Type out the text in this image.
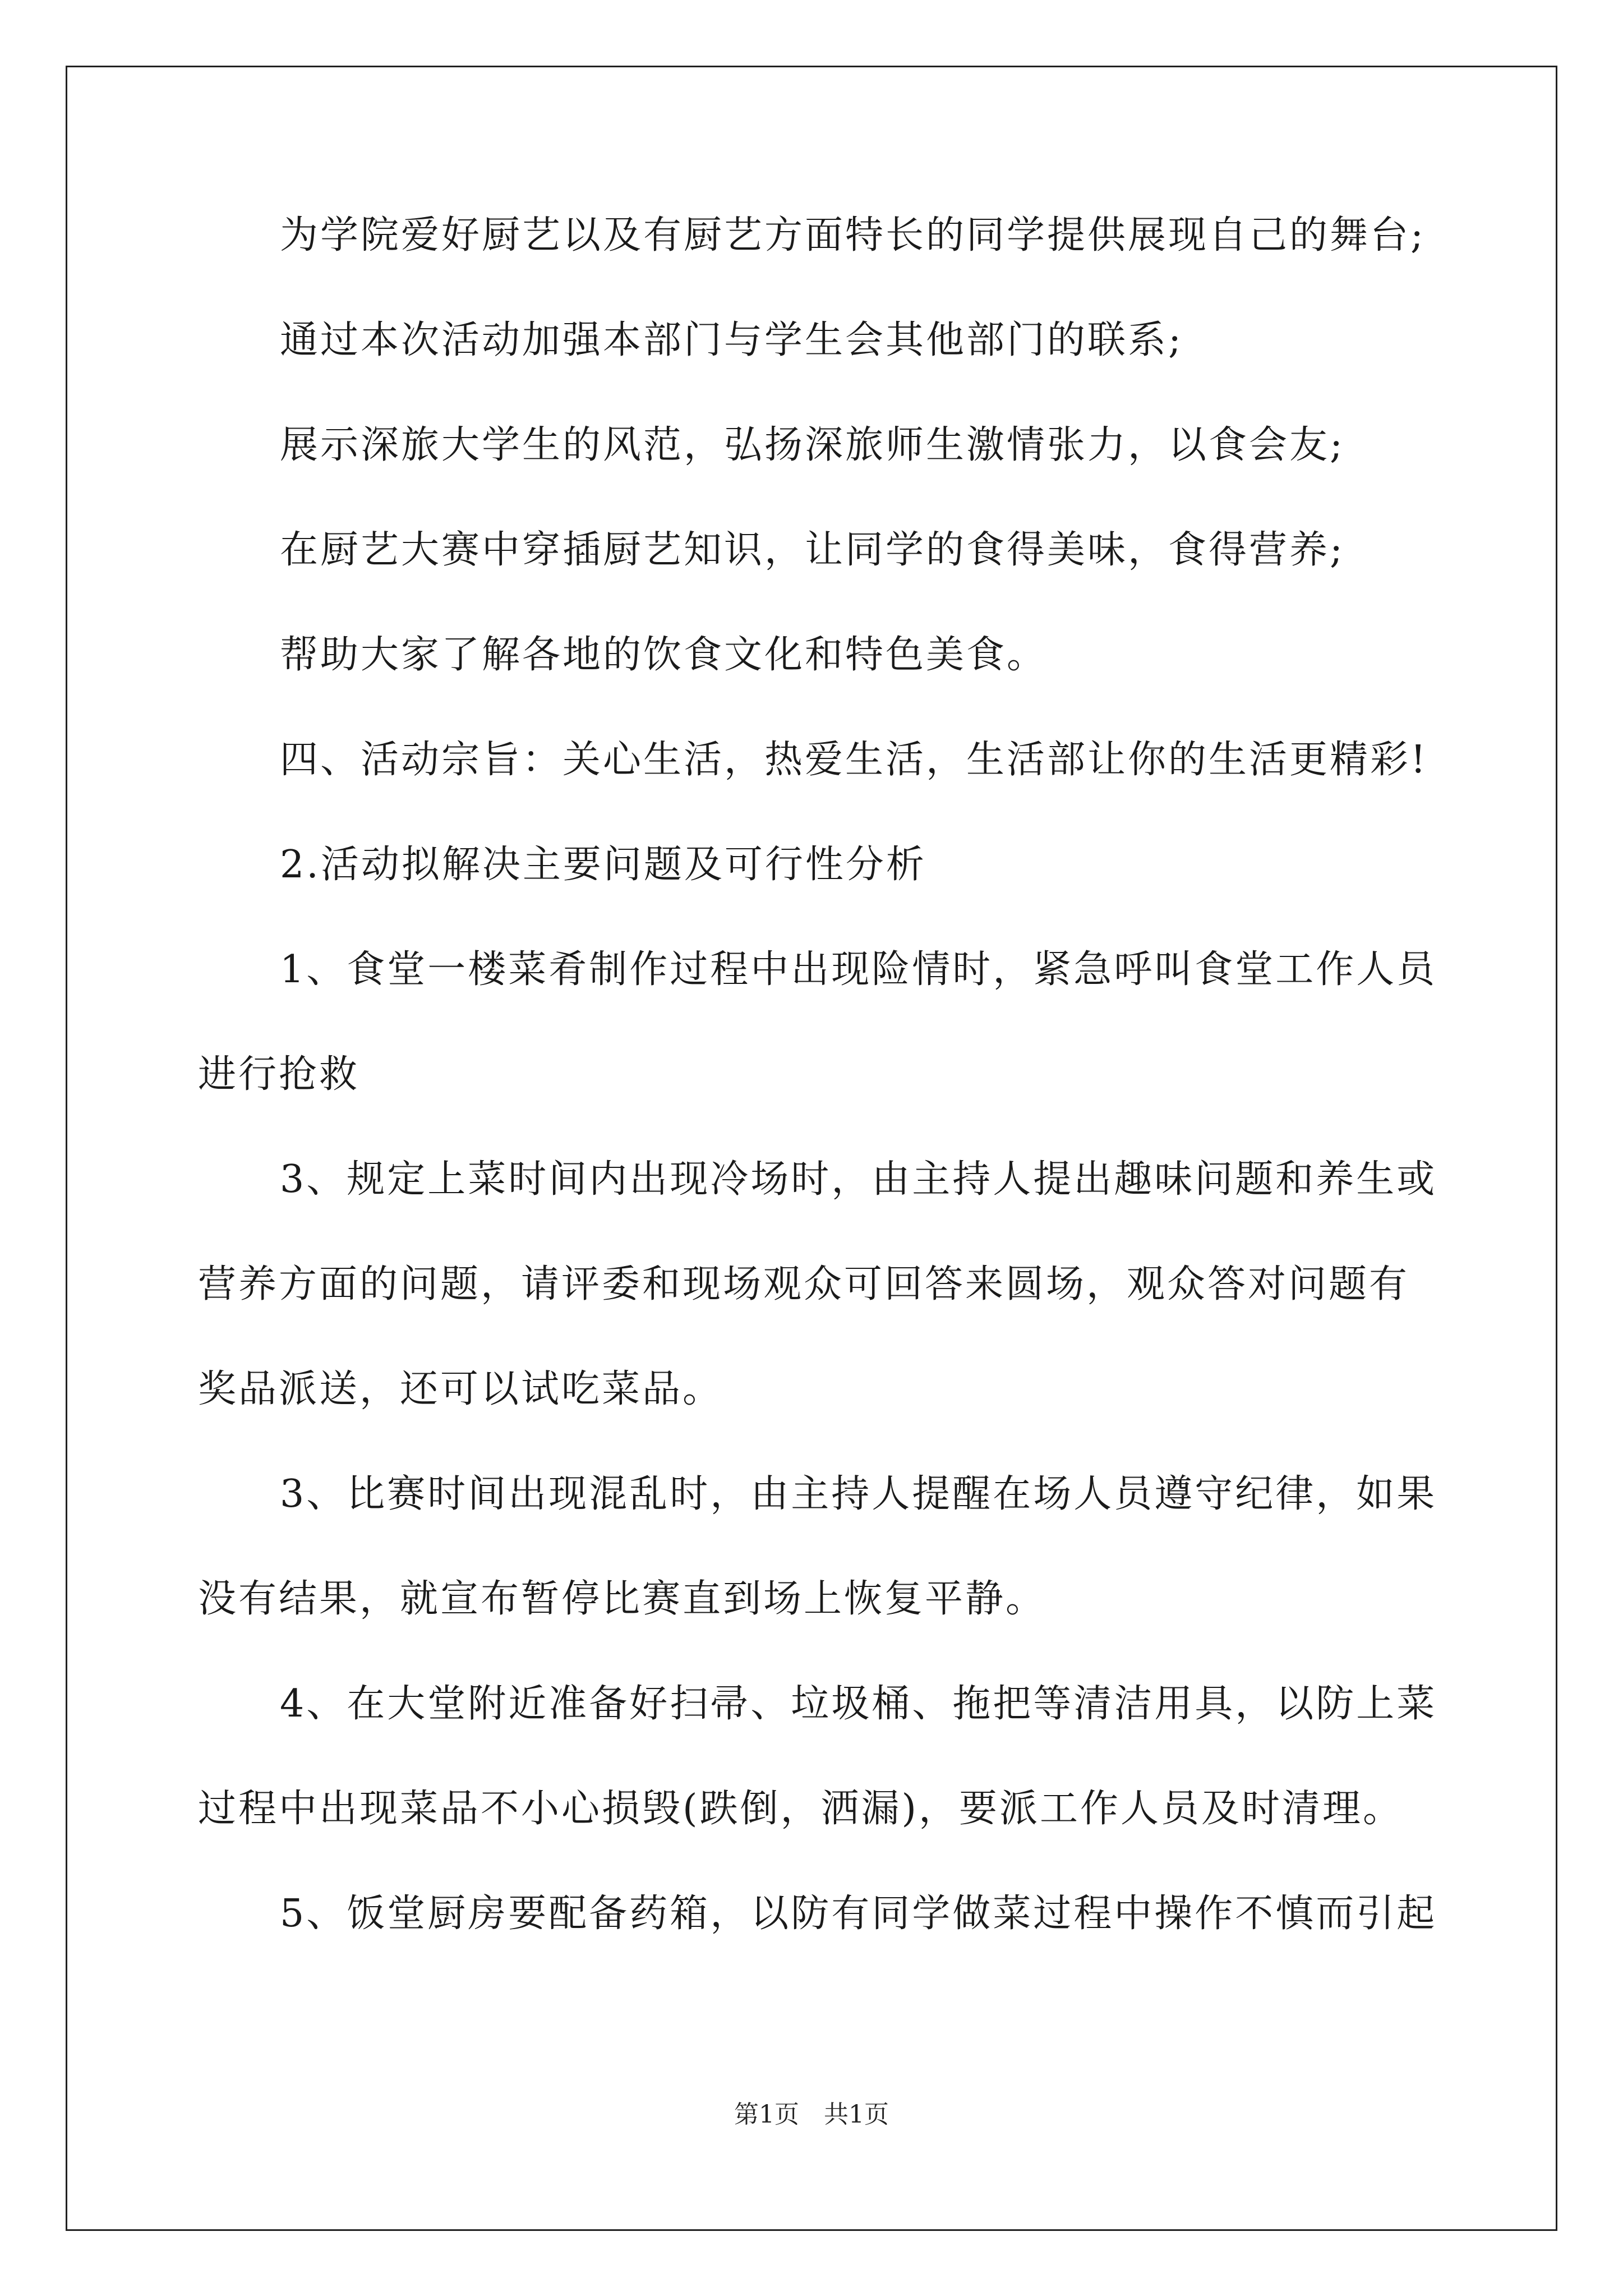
为学院爱好厨艺以及有厨艺方面特长的同学提供展现自己的舞台;
通过本次活动加强本部门与学生会其他部门的联系;
展示深旅大学生的风范，弘扬深旅师生激情张力，以食会友;
在厨艺大赛中穿插厨艺知识，让同学的食得美味，食得营养;
帮助大家了解各地的饮食文化和特色美食。
四、活动宗旨：关心生活，热爱生活，生活部让你的生活更精彩!
2.活动拟解决主要问题及可行性分析
1、食堂一楼菜肴制作过程中出现险情时，紧急呼叫食堂工作人员
进行抢救
3、规定上菜时间内出现冷场时，由主持人提出趣味问题和养生或
营养方面的问题，请评委和现场观众可回答来圆场，观众答对问题有
奖品派送，还可以试吃菜品。
3、比赛时间出现混乱时，由主持人提醒在场人员遵守纪律，如果
没有结果，就宣布暂停比赛直到场上恢复平静。
4、在大堂附近准备好扫帚、垃圾桶、拖把等清洁用具，以防上菜
过程中出现菜品不小心损毁(跌倒，洒漏)，要派工作人员及时清理。
5、饭堂厨房要配备药箱，以防有同学做菜过程中操作不慎而引起
第1页　共1页
